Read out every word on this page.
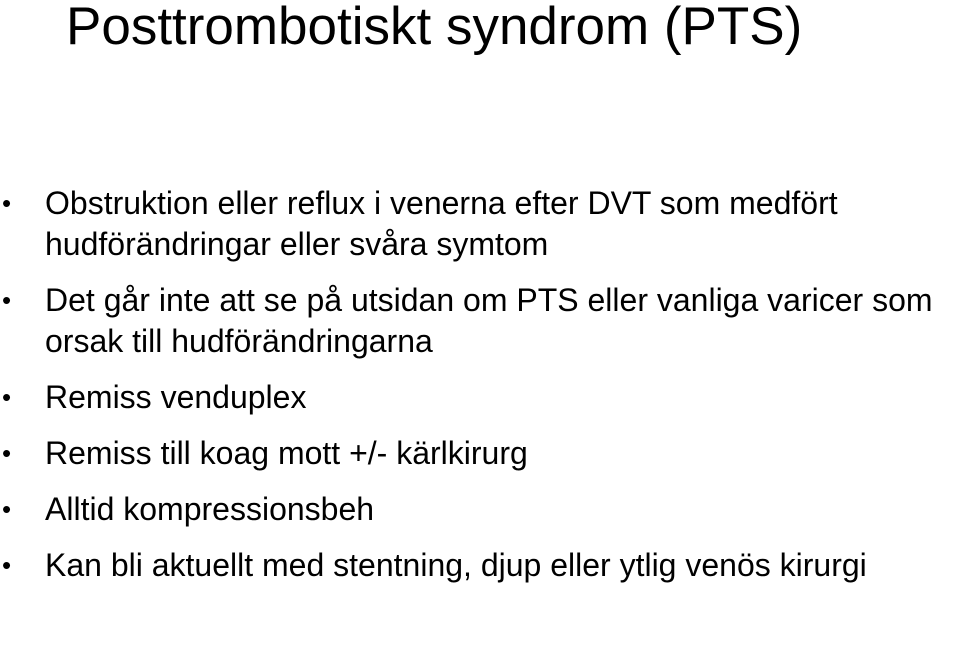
Posttrombotiskt syndrom (PTS)
•	Obstruktion eller reflux i venerna efter DVT som medfört hudförändringar eller svåra symtom
•	Det går inte att se på utsidan om PTS eller vanliga varicer som orsak till hudförändringarna
•	Remiss venduplex
•	Remiss till koag mott +/- kärlkirurg
•	Alltid kompressionsbeh
•	Kan bli aktuellt med stentning, djup eller ytlig venös kirurgi
